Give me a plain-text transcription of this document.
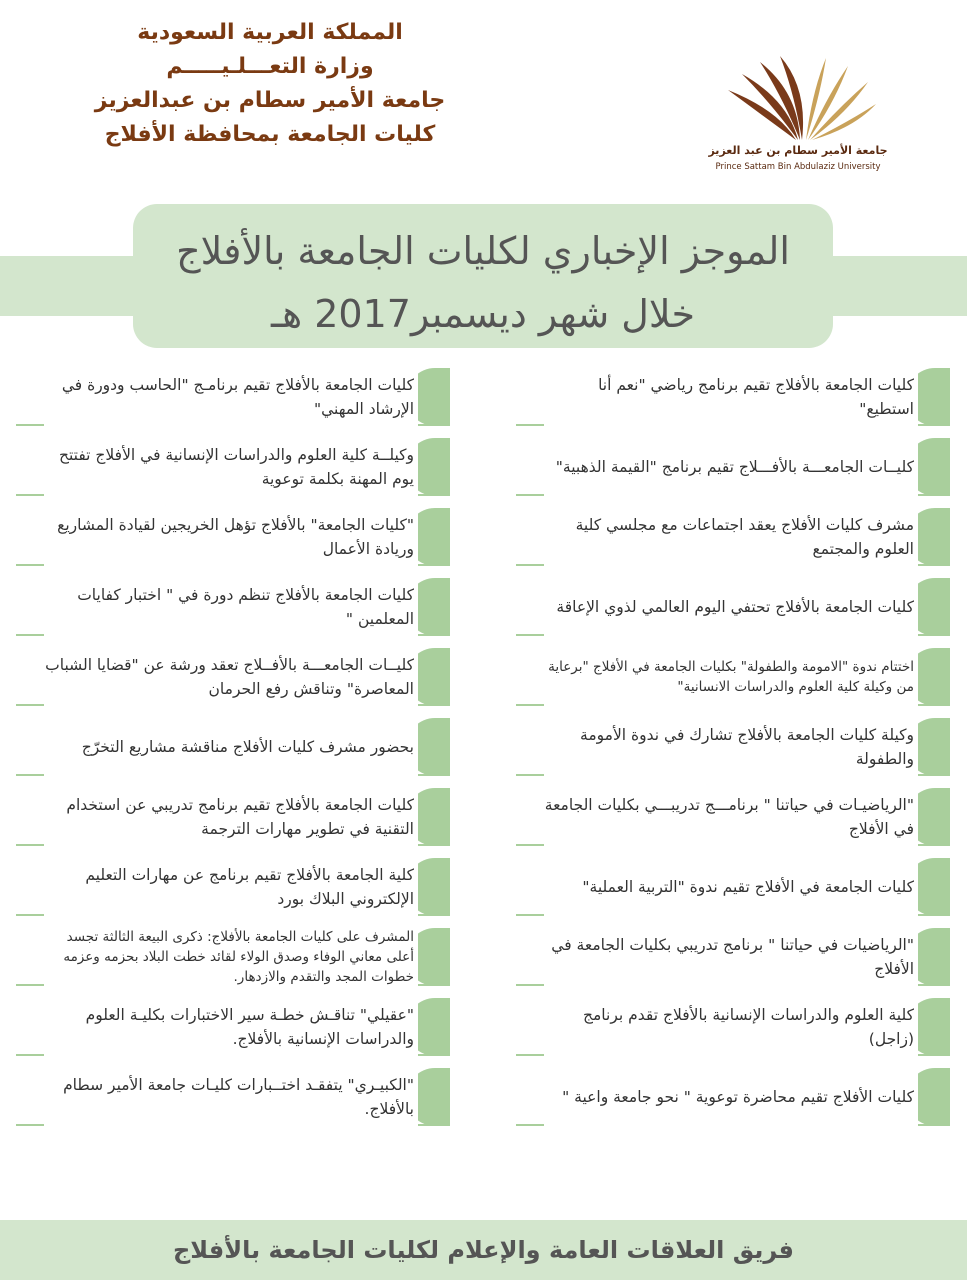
المملكة العربية السعودية
وزارة التعـــلـيـــــم
جامعة الأمير سطام بن عبدالعزيز
كليات الجامعة بمحافظة الأفلاج
جامعة الأمير سطام بن عبد العزيز
Prince Sattam Bin Abdulaziz University
الموجز الإخباري لكليات الجامعة بالأفلاج
خلال شهر ديسمبر2017 هـ
كليات الجامعة بالأفلاج تقيم برنامج رياضي "نعم أنا استطيع"
كليــات الجامعـــة بالأفـــلاج تقيم برنامج "القيمة الذهبية"
مشرف كليات الأفلاج يعقد اجتماعات مع مجلسي كلية العلوم والمجتمع
كليات الجامعة بالأفلاج تحتفي اليوم العالمي لذوي الإعاقة
اختتام ندوة "الامومة والطفولة" بكليات الجامعة في الأفلاج "برعاية من وكيلة كلية العلوم والدراسات الانسانية"
وكيلة كليات الجامعة بالأفلاج تشارك في ندوة الأمومة والطفولة
"الرياضيـات في حياتنا " برنامـــج تدريبـــي بكليات الجامعة في الأفلاج
كليات الجامعة في الأفلاج تقيم ندوة "التربية العملية"
"الرياضيات في حياتنا " برنامج تدريبي بكليات الجامعة في الأفلاج
كلية العلوم والدراسات الإنسانية بالأفلاج تقدم برنامج (زاجل)
كليات الأفلاج تقيم محاضرة توعوية " نحو جامعة واعية "
كليات الجامعة بالأفلاج تقيم برنامـج "الحاسب ودورة في الإرشاد المهني"
وكيلــة كلية العلوم والدراسات الإنسانية في الأفلاج تفتتح يوم المهنة بكلمة توعوية
"كليات الجامعة" بالأفلاج تؤهل الخريجين لقيادة المشاريع وريادة الأعمال
كليات الجامعة بالأفلاج تنظم دورة في " اختبار كفايات المعلمين "
كليــات الجامعـــة بالأفــلاج تعقد ورشة عن "قضايا الشباب المعاصرة" وتناقش رفع الحرمان
بحضور مشرف كليات الأفلاج مناقشة مشاريع التخرّج
كليات الجامعة بالأفلاج تقيم برنامج تدريبي عن استخدام التقنية في تطوير مهارات الترجمة
كلية الجامعة بالأفلاج تقيم برنامج عن مهارات التعليم الإلكتروني البلاك بورد
المشرف على كليات الجامعة بالأفلاج: ذكرى البيعة الثالثة تجسد أعلى معاني الوفاء وصدق الولاء لقائد خطت البلاد بحزمه وعزمه خطوات المجد والتقدم والازدهار.
"عقيلي" تناقـش خطـة سير الاختبارات بكليـة العلوم والدراسات الإنسانية بالأفلاج.
"الكبيـري" يتفقـد اختــبارات كليـات جامعة الأمير سطام بالأفلاج.
فريق العلاقات العامة والإعلام لكليات الجامعة بالأفلاج
